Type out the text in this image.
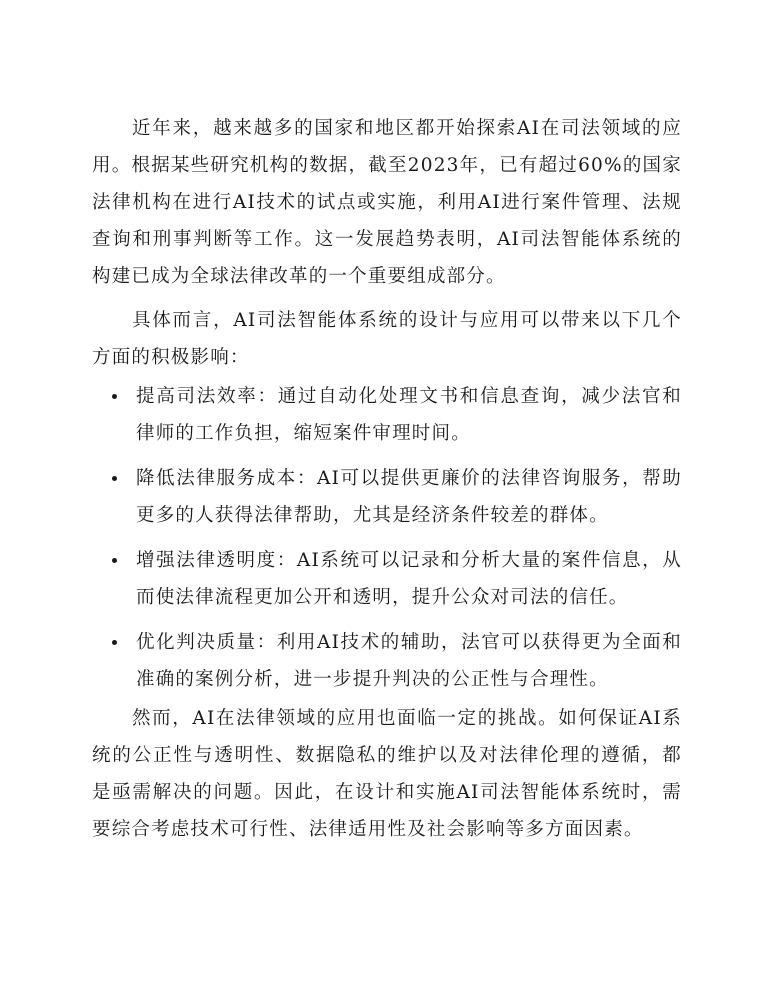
近年来，越来越多的国家和地区都开始探索AI在司法领域的应用。根据某些研究机构的数据，截至2023年，已有超过60%的国家法律机构在进行AI技术的试点或实施，利用AI进行案件管理、法规查询和刑事判断等工作。这一发展趋势表明，AI司法智能体系统的构建已成为全球法律改革的一个重要组成部分。

具体而言，AI司法智能体系统的设计与应用可以带来以下几个方面的积极影响：

提高司法效率：通过自动化处理文书和信息查询，减少法官和律师的工作负担，缩短案件审理时间。
降低法律服务成本：AI可以提供更廉价的法律咨询服务，帮助更多的人获得法律帮助，尤其是经济条件较差的群体。
增强法律透明度：AI系统可以记录和分析大量的案件信息，从而使法律流程更加公开和透明，提升公众对司法的信任。
优化判决质量：利用AI技术的辅助，法官可以获得更为全面和准确的案例分析，进一步提升判决的公正性与合理性。

然而，AI在法律领域的应用也面临一定的挑战。如何保证AI系统的公正性与透明性、数据隐私的维护以及对法律伦理的遵循，都是亟需解决的问题。因此，在设计和实施AI司法智能体系统时，需要综合考虑技术可行性、法律适用性及社会影响等多方面因素。
